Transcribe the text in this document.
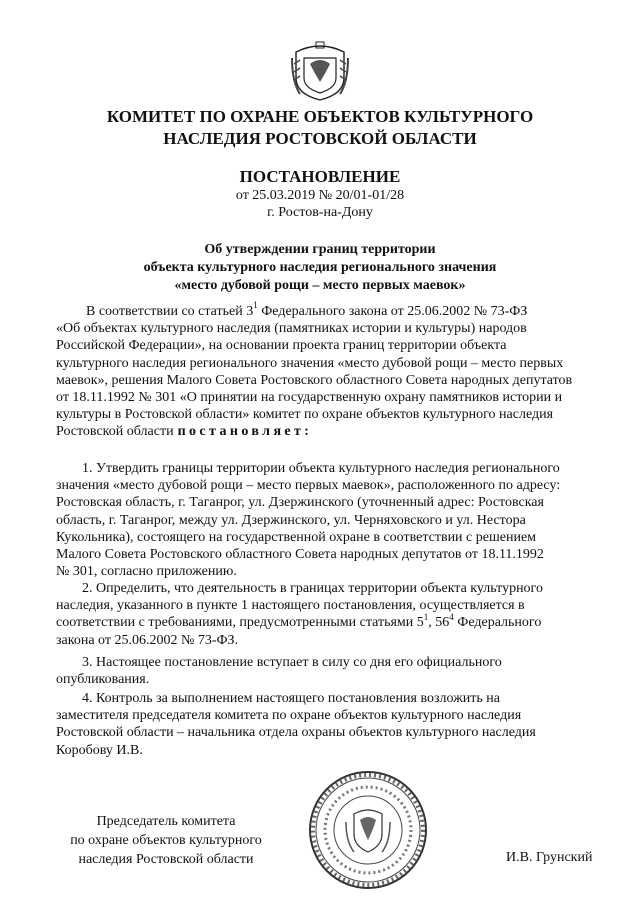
КОМИТЕТ ПО ОХРАНЕ ОБЪЕКТОВ КУЛЬТУРНОГО
НАСЛЕДИЯ РОСТОВСКОЙ ОБЛАСТИ
ПОСТАНОВЛЕНИЕ
от 25.03.2019 № 20/01-01/28
г. Ростов-на-Дону
Об утверждении границ территории
объекта культурного наследия регионального значения
«место дубовой рощи – место первых маевок»
В соответствии со статьей $3^1$ Федерального закона от 25.06.2002 № 73-ФЗ
«Об объектах культурного наследия (памятниках истории и культуры) народов
Российской Федерации», на основании проекта границ территории объекта
культурного наследия регионального значения «место дубовой рощи – место первых
маевок», решения Малого Совета Ростовского областного Совета народных депутатов
от 18.11.1992 № 301 «О принятии на государственную охрану памятников истории и
культуры в Ростовской области» комитет по охране объектов культурного наследия
Ростовской области постановляет:
1. Утвердить границы территории объекта культурного наследия регионального
значения «место дубовой рощи – место первых маевок», расположенного по адресу:
Ростовская область, г. Таганрог, ул. Дзержинского (уточненный адрес: Ростовская
область, г. Таганрог, между ул. Дзержинского, ул. Черняховского и ул. Нестора
Кукольника), состоящего на государственной охране в соответствии с решением
Малого Совета Ростовского областного Совета народных депутатов от 18.11.1992
№ 301, согласно приложению.
2. Определить, что деятельность в границах территории объекта культурного
наследия, указанного в пункте 1 настоящего постановления, осуществляется в
соответствии с требованиями, предусмотренными статьями $5^1$, $56^4$ Федерального
закона от 25.06.2002 № 73-ФЗ.
3. Настоящее постановление вступает в силу со дня его официального
опубликования.
4. Контроль за выполнением настоящего постановления возложить на
заместителя председателя комитета по охране объектов культурного наследия
Ростовской области – начальника отдела охраны объектов культурного наследия
Коробову И.В.
Председатель комитета
по охране объектов культурного
наследия Ростовской области	И.В. Грунский
